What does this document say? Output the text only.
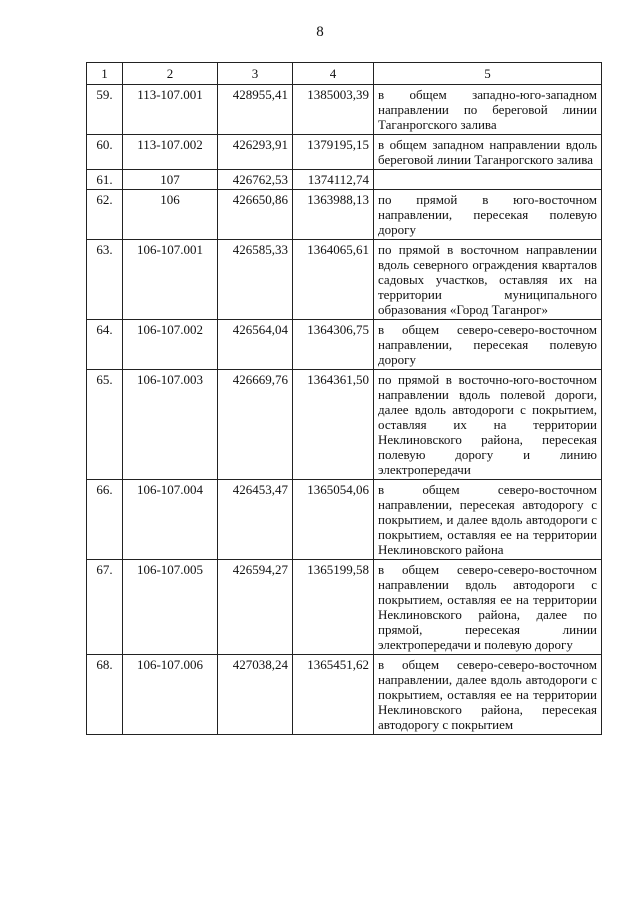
8
1	2	3	4	5
59.	113-107.001	428955,41	1385003,39	в общем западно-юго-западном направлении по береговой линии Таганрогского залива
60.	113-107.002	426293,91	1379195,15	в общем западном направлении вдоль береговой линии Таганрогского залива
61.	107	426762,53	1374112,74	
62.	106	426650,86	1363988,13	по прямой в юго-восточном направлении, пересекая полевую дорогу
63.	106-107.001	426585,33	1364065,61	по прямой в восточном направлении вдоль северного ограждения кварталов садовых участков, оставляя их на территории муниципального образования «Город Таганрог»
64.	106-107.002	426564,04	1364306,75	в общем северо-северо-восточном направлении, пересекая полевую дорогу
65.	106-107.003	426669,76	1364361,50	по прямой в восточно-юго-восточном направлении вдоль полевой дороги, далее вдоль автодороги с покрытием, оставляя их на территории Неклиновского района, пересекая полевую дорогу и линию электропередачи
66.	106-107.004	426453,47	1365054,06	в общем северо-восточном направлении, пересекая автодорогу с покрытием, и далее вдоль автодороги с покрытием, оставляя ее на территории Неклиновского района
67.	106-107.005	426594,27	1365199,58	в общем северо-северо-восточном направлении вдоль автодороги с покрытием, оставляя ее на территории Неклиновского района, далее по прямой, пересекая линии электропередачи и полевую дорогу
68.	106-107.006	427038,24	1365451,62	в общем северо-северо-восточном направлении, далее вдоль автодороги с покрытием, оставляя ее на территории Неклиновского района, пересекая автодорогу с покрытием
